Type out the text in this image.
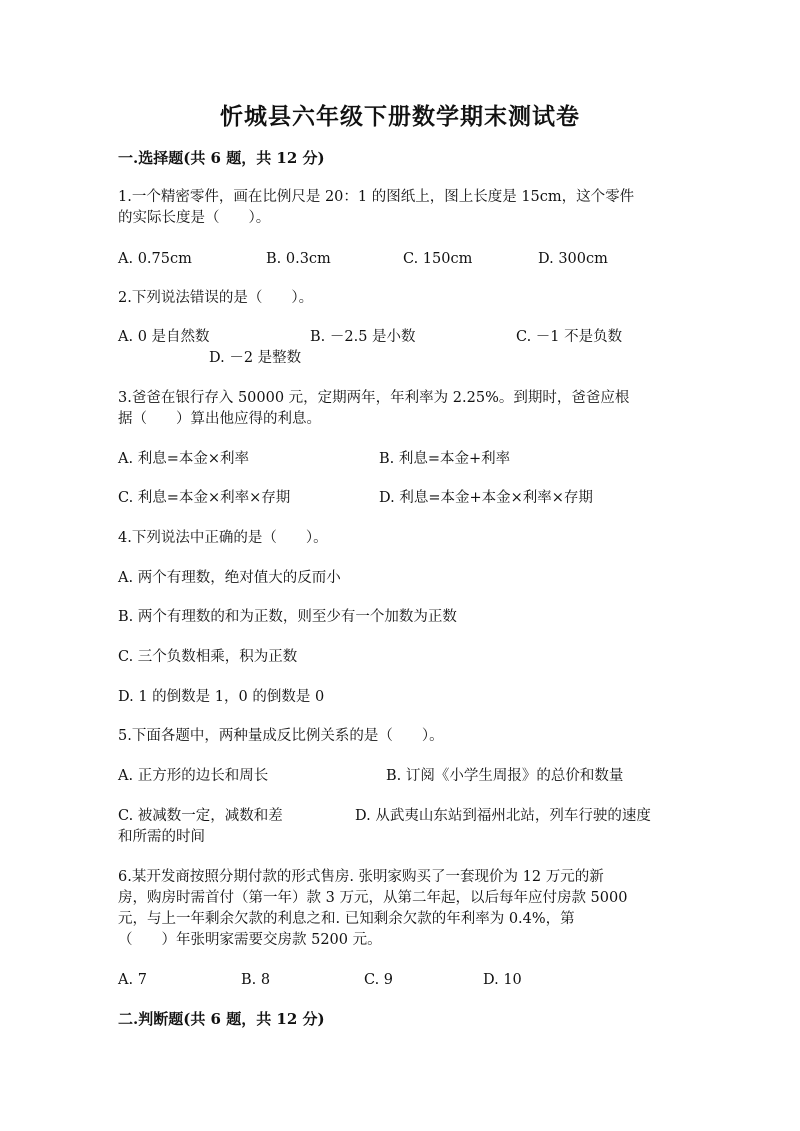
忻城县六年级下册数学期末测试卷
一.选择题(共 6 题，共 12 分)
1.一个精密零件，画在比例尺是 20：1 的图纸上，图上长度是 15cm，这个零件
的实际长度是（　　）。
A. 0.75cm	B. 0.3cm	C. 150cm	D. 300cm
2.下列说法错误的是（　　）。
A. 0 是自然数	B. －2.5 是小数	C. －1 不是负数
D. －2 是整数
3.爸爸在银行存入 50000 元，定期两年，年利率为 2.25%。到期时，爸爸应根
据（　　）算出他应得的利息。
A. 利息=本金×利率	B. 利息=本金+利率
C. 利息=本金×利率×存期	D. 利息=本金+本金×利率×存期
4.下列说法中正确的是（　　）。
A. 两个有理数，绝对值大的反而小
B. 两个有理数的和为正数，则至少有一个加数为正数
C. 三个负数相乘，积为正数
D. 1 的倒数是 1，0 的倒数是 0
5.下面各题中，两种量成反比例关系的是（　　）。
A. 正方形的边长和周长	B. 订阅《小学生周报》的总价和数量
C. 被减数一定，减数和差	D. 从武夷山东站到福州北站，列车行驶的速度
和所需的时间
6.某开发商按照分期付款的形式售房. 张明家购买了一套现价为 12 万元的新
房，购房时需首付（第一年）款 3 万元，从第二年起，以后每年应付房款 5000
元，与上一年剩余欠款的利息之和. 已知剩余欠款的年利率为 0.4%，第
（　　）年张明家需要交房款 5200 元。
A. 7	B. 8	C. 9	D. 10
二.判断题(共 6 题，共 12 分)
